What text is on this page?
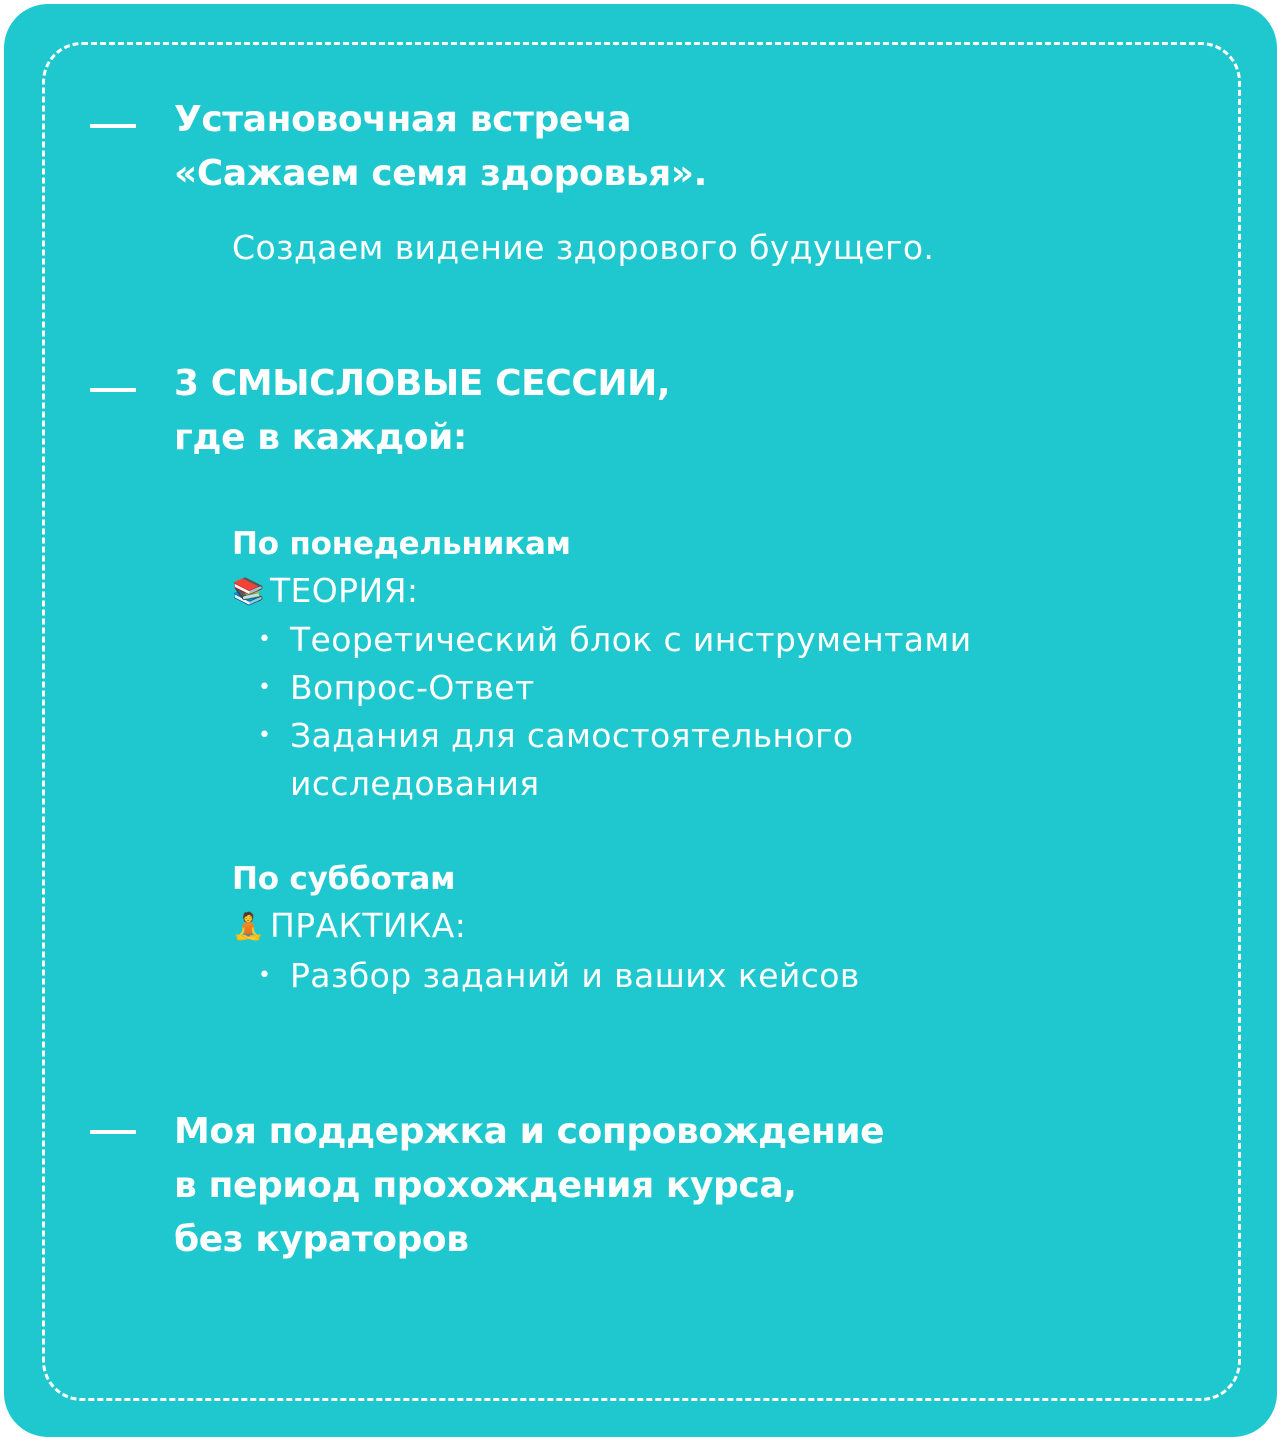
Установочная встреча
«Сажаем семя здоровья».
Создаем видение здорового будущего.
3 СМЫСЛОВЫЕ СЕССИИ,
где в каждой:
По понедельникам
📚 ТЕОРИЯ:
• Теоретический блок с инструментами
• Вопрос-Ответ
• Задания для самостоятельного исследования
По субботам
🧘 ПРАКТИКА:
• Разбор заданий и ваших кейсов
Моя поддержка и сопровождение
в период прохождения курса,
без кураторов
